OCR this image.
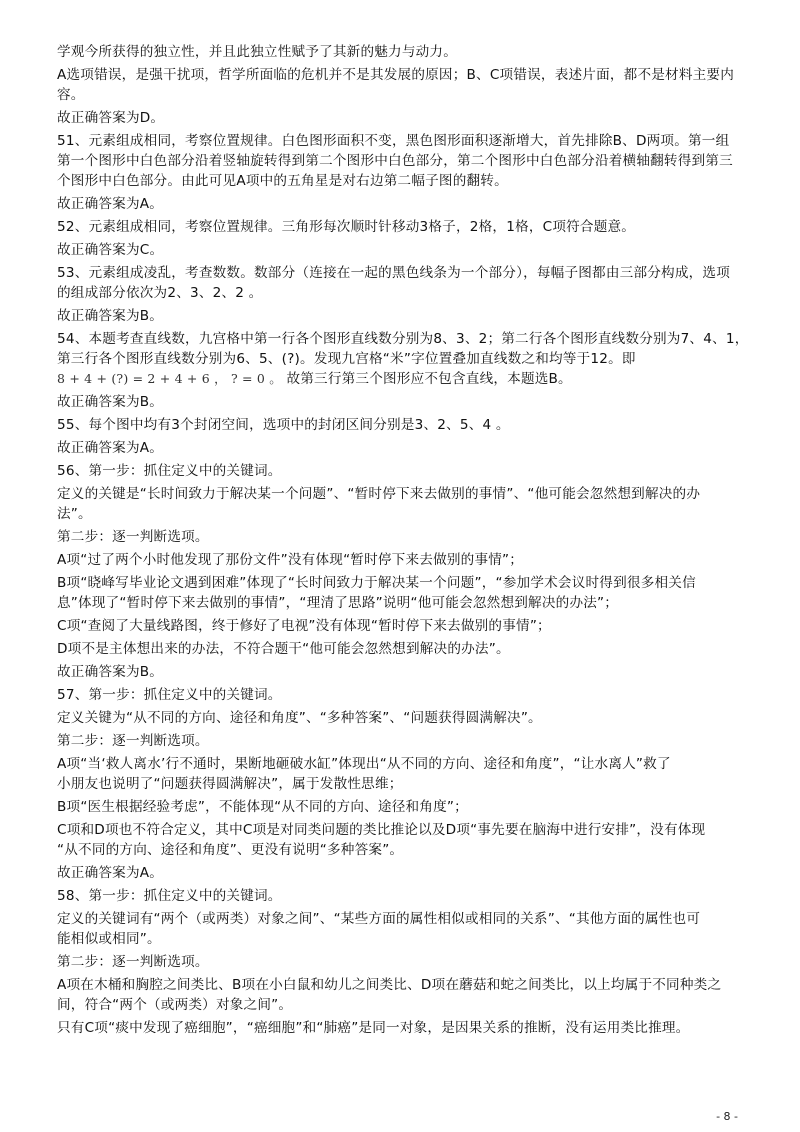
学观今所获得的独立性，并且此独立性赋予了其新的魅力与动力。

A选项错误，是强干扰项，哲学所面临的危机并不是其发展的原因；B、C项错误，表述片面，都不是材料主要内

容。

故正确答案为D。

51、元素组成相同，考察位置规律。白色图形面积不变，黑色图形面积逐渐增大，首先排除B、D两项。第一组

第一个图形中白色部分沿着竖轴旋转得到第二个图形中白色部分，第二个图形中白色部分沿着横轴翻转得到第三

个图形中白色部分。由此可见A项中的五角星是对右边第二幅子图的翻转。

故正确答案为A。

52、元素组成相同，考察位置规律。三角形每次顺时针移动3格子，2格，1格，C项符合题意。

故正确答案为C。

53、元素组成凌乱，考查数数。数部分（连接在一起的黑色线条为一个部分），每幅子图都由三部分构成，选项

的组成部分依次为2、3、2、2 。

故正确答案为B。

54、本题考查直线数，九宫格中第一行各个图形直线数分别为8、3、2；第二行各个图形直线数分别为7、4、1，

第三行各个图形直线数分别为6、5、(?)。发现九宫格“米”字位置叠加直线数之和均等于12。即

8 + 4 + (?) = 2 + 4 + 6 ， ? = 0 。 故第三行第三个图形应不包含直线，本题选B。

故正确答案为B。

55、每个图中均有3个封闭空间，选项中的封闭区间分别是3、2、5、4 。

故正确答案为A。

56、第一步：抓住定义中的关键词。

定义的关键是“长时间致力于解决某一个问题”、“暂时停下来去做别的事情”、“他可能会忽然想到解决的办

法”。

第二步：逐一判断选项。

A项“过了两个小时他发现了那份文件”没有体现“暂时停下来去做别的事情”；

B项“晓峰写毕业论文遇到困难”体现了“长时间致力于解决某一个问题”，“参加学术会议时得到很多相关信

息”体现了“暂时停下来去做别的事情”，“理清了思路”说明“他可能会忽然想到解决的办法”；

C项“查阅了大量线路图，终于修好了电视”没有体现“暂时停下来去做别的事情”；

D项不是主体想出来的办法，不符合题干“他可能会忽然想到解决的办法”。

故正确答案为B。

57、第一步：抓住定义中的关键词。

定义关键为“从不同的方向、途径和角度”、“多种答案”、“问题获得圆满解决”。

第二步：逐一判断选项。

A项“当‘救人离水’行不通时，果断地砸破水缸”体现出“从不同的方向、途径和角度”，“让水离人”救了

小朋友也说明了“问题获得圆满解决”，属于发散性思维；

B项“医生根据经验考虑”，不能体现“从不同的方向、途径和角度”；

C项和D项也不符合定义，其中C项是对同类问题的类比推论以及D项“事先要在脑海中进行安排”，没有体现

“从不同的方向、途径和角度”、更没有说明“多种答案”。

故正确答案为A。

58、第一步：抓住定义中的关键词。

定义的关键词有“两个（或两类）对象之间”、“某些方面的属性相似或相同的关系”、“其他方面的属性也可

能相似或相同”。

第二步：逐一判断选项。

A项在木桶和胸腔之间类比、B项在小白鼠和幼儿之间类比、D项在蘑菇和蛇之间类比，以上均属于不同种类之

间，符合“两个（或两类）对象之间”。

只有C项“痰中发现了癌细胞”，“癌细胞”和“肺癌”是同一对象，是因果关系的推断，没有运用类比推理。

- 8 -
